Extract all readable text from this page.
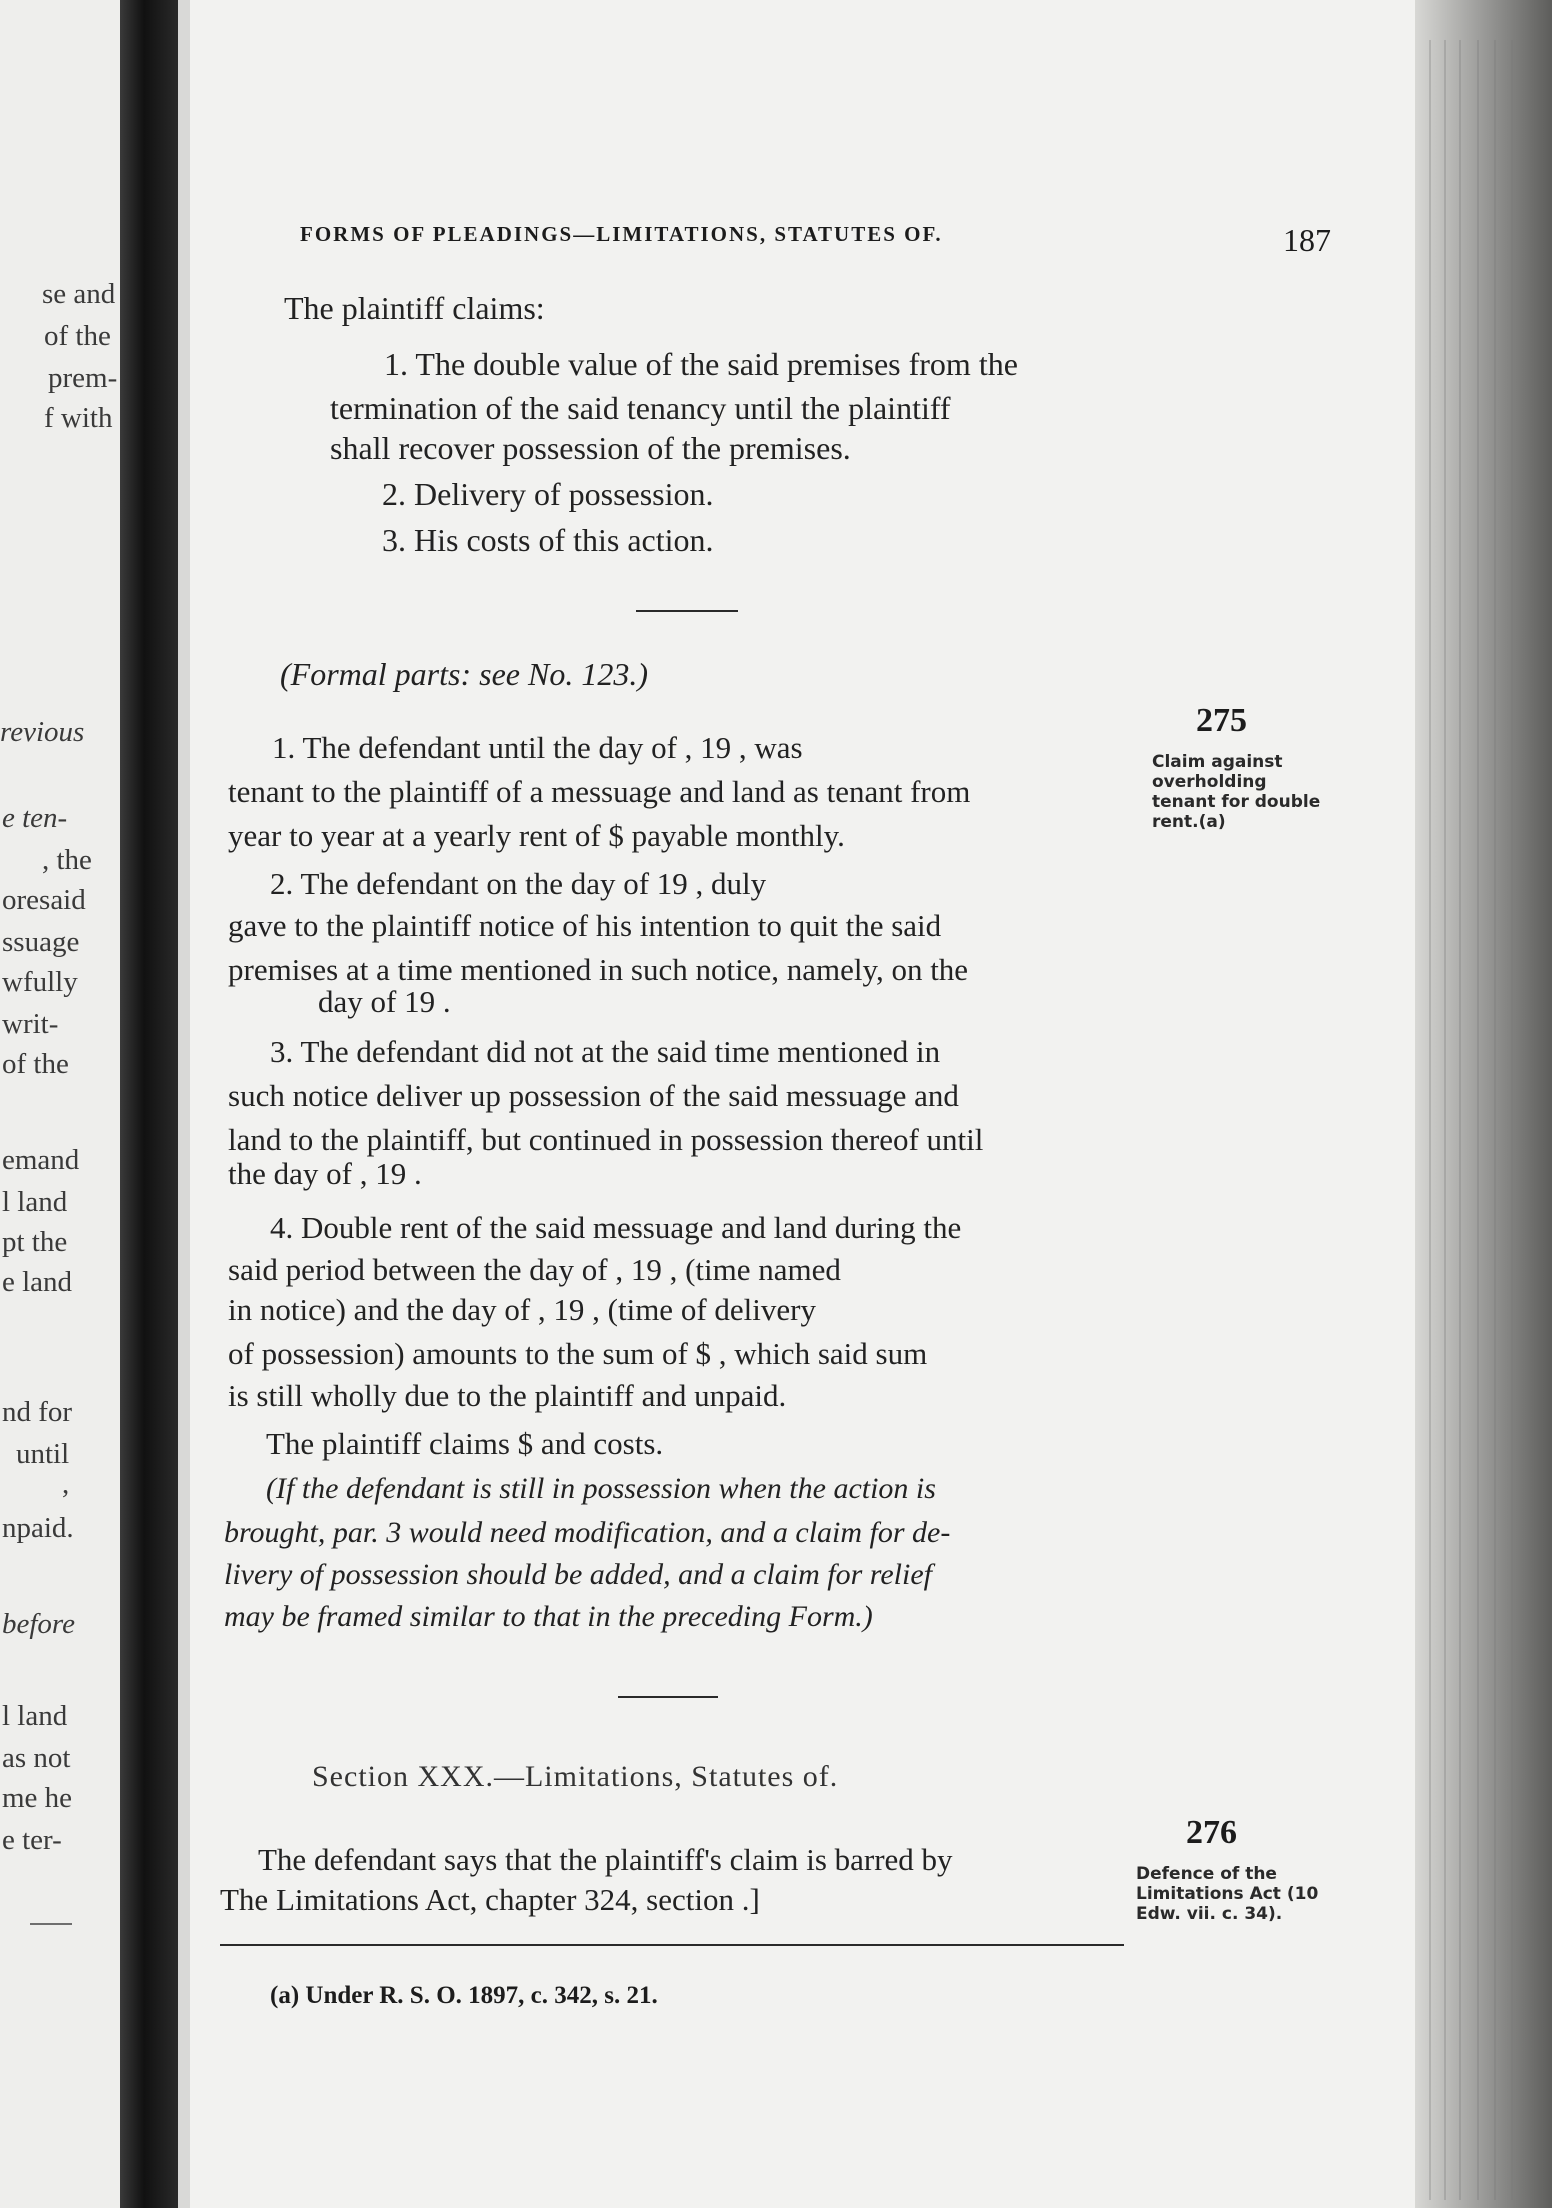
se and
of the
prem-
f with
revious
e ten-
, the
oresaid
ssuage
wfully
writ-
of the
emand
l land
pt the
e land
nd for
until
,
npaid.
before
l land
as not
me he
e ter-
FORMS OF PLEADINGS—LIMITATIONS, STATUTES OF.	187
The plaintiff claims:
1. The double value of the said premises from the
termination of the said tenancy until the plaintiff
shall recover possession of the premises.
2. Delivery of possession.
3. His costs of this action.
(Formal parts: see No. 123.)
275
Claim against overholding tenant for double rent.(a)
1. The defendant until the day of , 19 , was
tenant to the plaintiff of a messuage and land as tenant from
year to year at a yearly rent of $ payable monthly.
2. The defendant on the day of 19 , duly
gave to the plaintiff notice of his intention to quit the said
premises at a time mentioned in such notice, namely, on the
day of 19 .
3. The defendant did not at the said time mentioned in
such notice deliver up possession of the said messuage and
land to the plaintiff, but continued in possession thereof until
the day of , 19 .
4. Double rent of the said messuage and land during the
said period between the day of , 19 , (time named
in notice) and the day of , 19 , (time of delivery
of possession) amounts to the sum of $ , which said sum
is still wholly due to the plaintiff and unpaid.
The plaintiff claims $ and costs.
(If the defendant is still in possession when the action is
brought, par. 3 would need modification, and a claim for de-
livery of possession should be added, and a claim for relief
may be framed similar to that in the preceding Form.)
Section XXX.—Limitations, Statutes of.
276
Defence of the Limitations Act (10 Edw. vii. c. 34).
The defendant says that the plaintiff's claim is barred by
The Limitations Act, chapter 324, section .]
(a) Under R. S. O. 1897, c. 342, s. 21.
